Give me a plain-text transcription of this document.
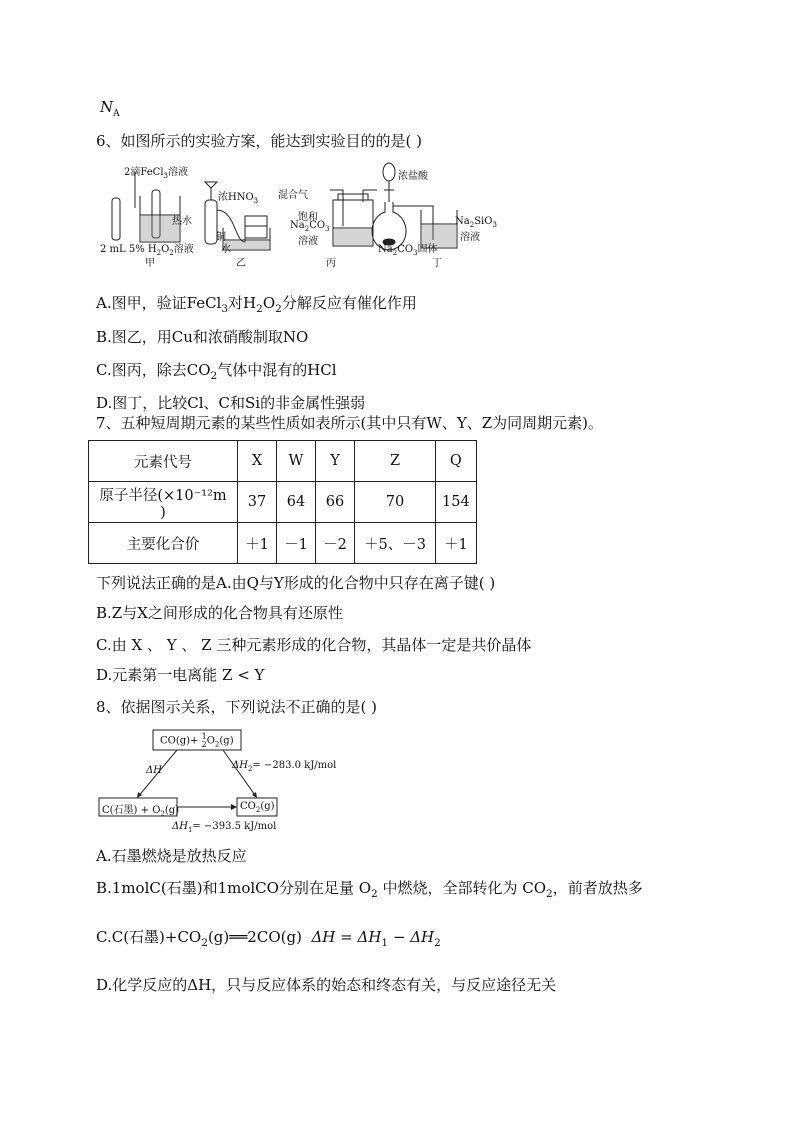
$N_A$
6、如图所示的实验方案，能达到实验目的的是( )
2滴FeCl$_3$溶液
热水
2 mL 5% $H_2O_2$溶液
甲
浓$HNO_3$
铜
水
乙
混合气
饱和
$Na_2CO_3$
溶液
丙
浓盐酸
$Na_2CO_3$固体
$Na_2SiO_3$
溶液
丁
A.图甲，验证FeCl$_3$对$H_2O_2$分解反应有催化作用
B.图乙，用Cu和浓硝酸制取NO
C.图丙，除去$CO_2$气体中混有的HCl
D.图丁，比较Cl、C和Si的非金属性强弱
7、五种短周期元素的某些性质如表所示(其中只有W、Y、Z为同周期元素)。
元素代号	X	W	Y	Z	Q
原子半径(×10⁻¹²m )	37	64	66	70	154
主要化合价	＋1	－1	－2	＋5、－3	＋1
下列说法正确的是A.由Q与Y形成的化合物中只存在离子键( )
B.Z与X之间形成的化合物具有还原性
C.由 X 、 Y 、 Z 三种元素形成的化合物，其晶体一定是共价晶体
D.元素第一电离能 Z < Y
8、依据图示关系，下列说法不正确的是( )
CO(g)+ 1
$2O_2(g)$
C(石墨) + $O_2(g)$	$CO_2(g)$
ΔH	$\Delta H_2= -283.0$ kJ/mol
$\Delta H_1= -393.5$ kJ/mol
A.石墨燃烧是放热反应
B.1molC(石墨)和1molCO分别在足量 $O_2$ 中燃烧，全部转化为 $CO_2$，前者放热多
C.C(石墨)$+CO_2(g)══2CO(g)$  $\Delta H = \Delta H_1 - \Delta H_2$
D.化学反应的ΔH，只与反应体系的始态和终态有关，与反应途径无关
